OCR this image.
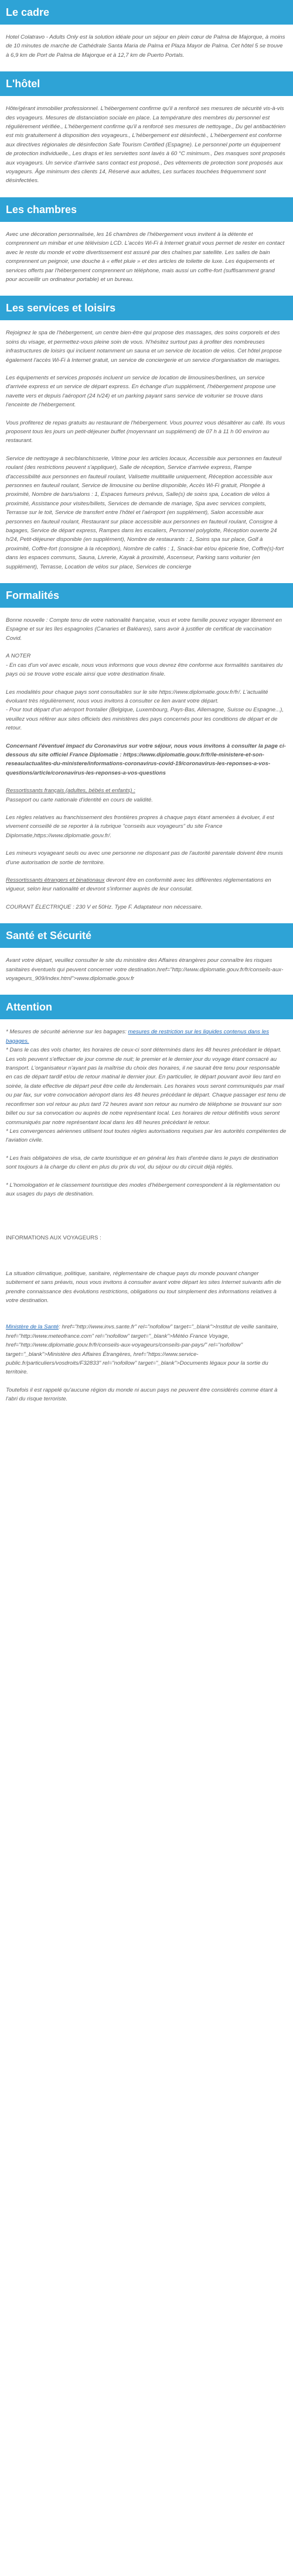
Le cadre

Hotel Colatravo - Adults Only est la solution idéale pour un séjour en plein cœur de Palma de Majorque, à moins de 10 minutes de marche de Cathédrale Santa Maria de Palma et Plaza Mayor de Palma. Cet hôtel 5 se trouve à 6,9 km de Port de Palma de Majorque et à 12,7 km de Puerto Portals.

L'hôtel

Hôte/gérant immobilier professionnel. L'hébergement confirme qu'il a renforcé ses mesures de sécurité vis-à-vis des voyageurs. Mesures de distanciation sociale en place. La température des membres du personnel est régulièrement vérifiée., L'hébergement confirme qu'il a renforcé ses mesures de nettoyage., Du gel antibactérien est mis gratuitement à disposition des voyageurs., L'hébergement est désinfecté., L'hébergement est conforme aux directives régionales de désinfection Safe Tourism Certified (Espagne). Le personnel porte un équipement de protection individuelle., Les draps et les serviettes sont lavés à 60 °C minimum., Des masques sont proposés aux voyageurs. Un service d'arrivée sans contact est proposé., Des vêtements de protection sont proposés aux voyageurs. Âge minimum des clients 14, Réservé aux adultes, Les surfaces touchées fréquemment sont désinfectées.

Les chambres

Avec une décoration personnalisée, les 16 chambres de l'hébergement vous invitent à la détente et comprennent un minibar et une télévision LCD. L'accès Wi-Fi à Internet gratuit vous permet de rester en contact avec le reste du monde et votre divertissement est assuré par des chaînes par satellite. Les salles de bain comprennent un peignoir, une douche à « effet pluie » et des articles de toilette de luxe. Les équipements et services offerts par l'hébergement comprennent un téléphone, mais aussi un coffre-fort (suffisamment grand pour accueillir un ordinateur portable) et un bureau.

Les services et loisirs

Rejoignez le spa de l'hébergement, un centre bien-être qui propose des massages, des soins corporels et des soins du visage, et permettez-vous pleine soin de vous. N'hésitez surtout pas à profiter des nombreuses infrastructures de loisirs qui incluent notamment un sauna et un service de location de vélos. Cet hôtel propose également l'accès Wi-Fi à Internet gratuit, un service de conciergerie et un service d'organisation de mariages.

Les équipements et services proposés incluent un service de location de limousines/berlines, un service d'arrivée express et un service de départ express. En échange d'un supplément, l'hébergement propose une navette vers et depuis l'aéroport (24 h/24) et un parking payant sans service de voiturier se trouve dans l'enceinte de l'hébergement.

Vous profiterez de repas gratuits au restaurant de l'hébergement. Vous pourrez vous désaltérer au café. Ils vous proposent tous les jours un petit-déjeuner buffet (moyennant un supplément) de 07 h à 11 h 00 environ au restaurant.

Service de nettoyage à sec/blanchisserie, Vitrine pour les articles locaux, Accessible aux personnes en fauteuil roulant (des restrictions peuvent s'appliquer), Salle de réception, Service d'arrivée express, Rampe d'accessibilité aux personnes en fauteuil roulant, Valisette multitaille uniquement, Réception accessible aux personnes en fauteuil roulant, Service de limousine ou berline disponible, Accès Wi-Fi gratuit, Plongée à proximité, Nombre de bars/salons : 1, Espaces fumeurs prévus, Salle(s) de soins spa, Location de vélos à proximité, Assistance pour visites/billets, Services de demande de mariage, Spa avec services complets, Terrasse sur le toit, Service de transfert entre l'hôtel et l'aéroport (en supplément), Salon accessible aux personnes en fauteuil roulant, Restaurant sur place accessible aux personnes en fauteuil roulant, Consigne à bagages, Service de départ express, Rampes dans les escaliers, Personnel polyglotte, Réception ouverte 24 h/24, Petit-déjeuner disponible (en supplément), Nombre de restaurants : 1, Soins spa sur place, Golf à proximité, Coffre-fort (consigne à la réception), Nombre de cafés : 1, Snack-bar et/ou épicerie fine, Coffre(s)-fort dans les espaces communs, Sauna, Livrerie, Kayak à proximité, Ascenseur, Parking sans voiturier (en supplément), Terrasse, Location de vélos sur place, Services de concierge

Formalités

Bonne nouvelle : Compte tenu de votre nationalité française, vous et votre famille pouvez voyager librement en Espagne et sur les îles espagnoles (Canaries et Baléares), sans avoir à justifier de certificat de vaccination Covid.

A NOTER

- En cas d'un vol avec escale, nous vous informons que vous devrez être conforme aux formalités sanitaires du pays où se trouve votre escale ainsi que votre destination finale.

Les modalités pour chaque pays sont consultables sur le site https://www.diplomatie.gouv.fr/fr/. L'actualité évoluant très régulièrement, nous vous invitons à consulter ce lien avant votre départ.

- Pour tout départ d'un aéroport frontalier (Belgique, Luxembourg, Pays-Bas, Allemagne, Suisse ou Espagne...), veuillez vous référer aux sites officiels des ministères des pays concernés pour les conditions de départ et de retour.

Concernant l'éventuel impact du Coronavirus sur votre séjour, nous vous invitons à consulter la page ci-dessous du site officiel France Diplomatie : https://www.diplomatie.gouv.fr/fr/le-ministere-et-son-reseau/actualites-du-ministere/informations-coronavirus-covid-19/coronavirus-les-reponses-a-vos-questions/article/coronavirus-les-reponses-a-vos-questions

Ressortissants français (adultes, bébés et enfants) :

Passeport ou carte nationale d'identité en cours de validité.

Les règles relatives au franchissement des frontières propres à chaque pays étant amenées à évoluer, il est vivement conseillé de se reporter à la rubrique "conseils aux voyageurs" du site France Diplomatie,https://www.diplomatie.gouv.fr/.

Les mineurs voyageant seuls ou avec une personne ne disposant pas de l'autorité parentale doivent être munis d'une autorisation de sortie de territoire.

Ressortissants étrangers et binationaux devront être en conformité avec les différentes réglementations en vigueur, selon leur nationalité et devront s'informer auprès de leur consulat.

COURANT ÉLECTRIQUE : 230 V et 50Hz. Type F. Adaptateur non nécessaire.

Santé et Sécurité

Avant votre départ, veuillez consulter le site du ministère des Affaires étrangères pour connaître les risques sanitaires éventuels qui peuvent concerner votre destination.href="http://www.diplomatie.gouv.fr/fr/conseils-aux-voyageurs_909/index.html">www.diplomatie.gouv.fr

Attention

* Mesures de sécurité aérienne sur les bagages: mesures de restriction sur les liquides contenus dans les bagages.

* Dans le cas des vols charter, les horaires de ceux-ci sont déterminés dans les 48 heures précédant le départ. Les vols peuvent s'effectuer de jour comme de nuit; le premier et le dernier jour du voyage étant consacré au transport. L'organisateur n'ayant pas la maîtrise du choix des horaires, il ne saurait être tenu pour responsable en cas de départ tardif et/ou de retour matinal le dernier jour. En particulier, le départ pouvant avoir lieu tard en soirée, la date effective de départ peut être celle du lendemain. Les horaires vous seront communiqués par mail ou par fax, sur votre convocation aéroport dans les 48 heures précédant le départ. Chaque passager est tenu de reconfirmer son vol retour au plus tard 72 heures avant son retour au numéro de téléphone se trouvant sur son billet ou sur sa convocation ou auprès de notre représentant local. Les horaires de retour définitifs vous seront communiqués par notre représentant local dans les 48 heures précédant le retour.

* Les convergences aériennes utilisent tout toutes règles autorisations requises par les autorités compétentes de l'aviation civile.

* Les frais obligatoires de visa, de carte touristique et en général les frais d'entrée dans le pays de destination sont toujours à la charge du client en plus du prix du vol, du séjour ou du circuit déjà réglés.

* L'homologation et le classement touristique des modes d'hébergement correspondent à la réglementation ou aux usages du pays de destination.

INFORMATIONS AUX VOYAGEURS :

La situation climatique, politique, sanitaire, réglementaire de chaque pays du monde pouvant changer subitement et sans préavis, nous vous invitons à consulter avant votre départ les sites Internet suivants afin de prendre connaissance des évolutions restrictions, obligations ou tout simplement des informations relatives à votre destination.

Ministère de la Santé: href="http://www.invs.sante.fr" rel="nofollow" target="_blank">Institut de veille sanitaire, href="http://www.meteofrance.com" rel="nofollow" target="_blank">Météo France Voyage, href="http://www.diplomatie.gouv.fr/fr/conseils-aux-voyageurs/conseils-par-pays/" rel="nofollow" target="_blank">Ministère des Affaires Étrangères, href="https://www.service-public.fr/particuliers/vosdroits/F32833" rel="nofollow" target="_blank">Documents légaux pour la sortie du territoire.

Toutefois il est rappelé qu'aucune région du monde ni aucun pays ne peuvent être considérés comme étant à l'abri du risque terroriste.
